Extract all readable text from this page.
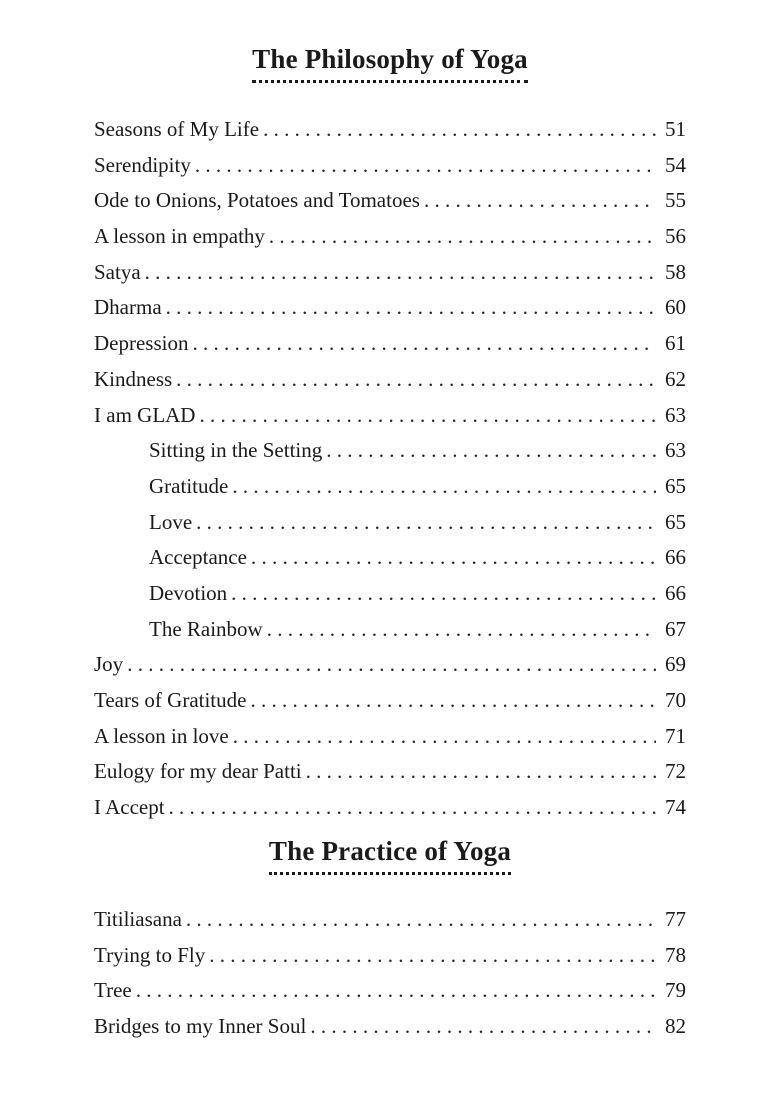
The Philosophy of Yoga
Seasons of My Life . . .	51
Serendipity . . .	54
Ode to Onions, Potatoes and Tomatoes . . .	55
A lesson in empathy . . .	56
Satya . . .	58
Dharma . . .	60
Depression . . .	61
Kindness . . .	62
I am GLAD . . .	63
Sitting in the Setting . . .	63
Gratitude . . .	65
Love . . .	65
Acceptance . . .	66
Devotion . . .	66
The Rainbow . . .	67
Joy . . .	69
Tears of Gratitude . . .	70
A lesson in love . . .	71
Eulogy for my dear Patti . . .	72
I Accept . . .	74
The Practice of Yoga
Titiliasana . . .	77
Trying to Fly . . .	78
Tree . . .	79
Bridges to my Inner Soul . . .	82
